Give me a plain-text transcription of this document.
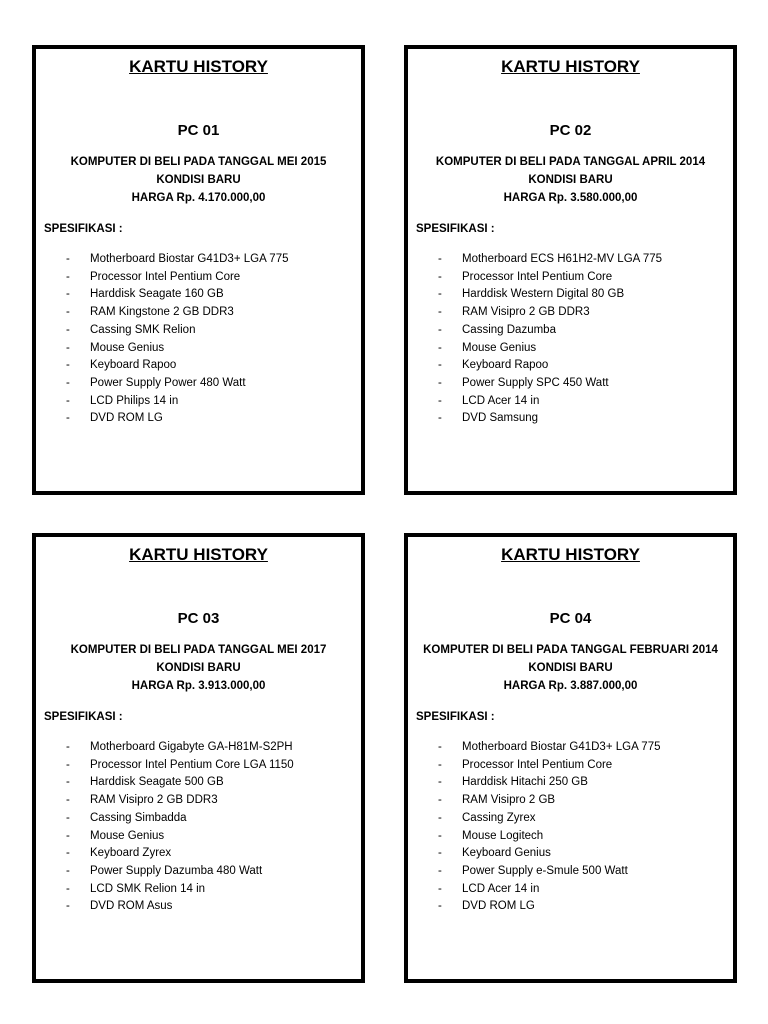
KARTU HISTORY
PC 01
KOMPUTER DI BELI PADA TANGGAL MEI 2015
KONDISI BARU
HARGA Rp. 4.170.000,00
SPESIFIKASI :
-	Motherboard Biostar G41D3+ LGA 775
-	Processor Intel Pentium Core
-	Harddisk Seagate 160 GB
-	RAM Kingstone 2 GB DDR3
-	Cassing SMK Relion
-	Mouse Genius
-	Keyboard Rapoo
-	Power Supply Power 480 Watt
-	LCD Philips 14 in
-	DVD ROM LG
KARTU HISTORY
PC 02
KOMPUTER DI BELI PADA TANGGAL APRIL 2014
KONDISI BARU
HARGA Rp. 3.580.000,00
SPESIFIKASI :
-	Motherboard ECS H61H2-MV LGA 775
-	Processor Intel Pentium Core
-	Harddisk Western Digital 80 GB
-	RAM Visipro 2 GB DDR3
-	Cassing Dazumba
-	Mouse Genius
-	Keyboard Rapoo
-	Power Supply SPC 450 Watt
-	LCD Acer 14 in
-	DVD Samsung
KARTU HISTORY
PC 03
KOMPUTER DI BELI PADA TANGGAL MEI 2017
KONDISI BARU
HARGA Rp. 3.913.000,00
SPESIFIKASI :
-	Motherboard Gigabyte GA-H81M-S2PH
-	Processor Intel Pentium Core LGA 1150
-	Harddisk Seagate 500 GB
-	RAM Visipro 2 GB DDR3
-	Cassing Simbadda
-	Mouse Genius
-	Keyboard Zyrex
-	Power Supply Dazumba 480 Watt
-	LCD SMK Relion 14 in
-	DVD ROM Asus
KARTU HISTORY
PC 04
KOMPUTER DI BELI PADA TANGGAL FEBRUARI 2014
KONDISI BARU
HARGA Rp. 3.887.000,00
SPESIFIKASI :
-	Motherboard Biostar G41D3+ LGA 775
-	Processor Intel Pentium Core
-	Harddisk Hitachi 250 GB
-	RAM Visipro 2 GB
-	Cassing Zyrex
-	Mouse Logitech
-	Keyboard Genius
-	Power Supply e-Smule 500 Watt
-	LCD Acer 14 in
-	DVD ROM LG
